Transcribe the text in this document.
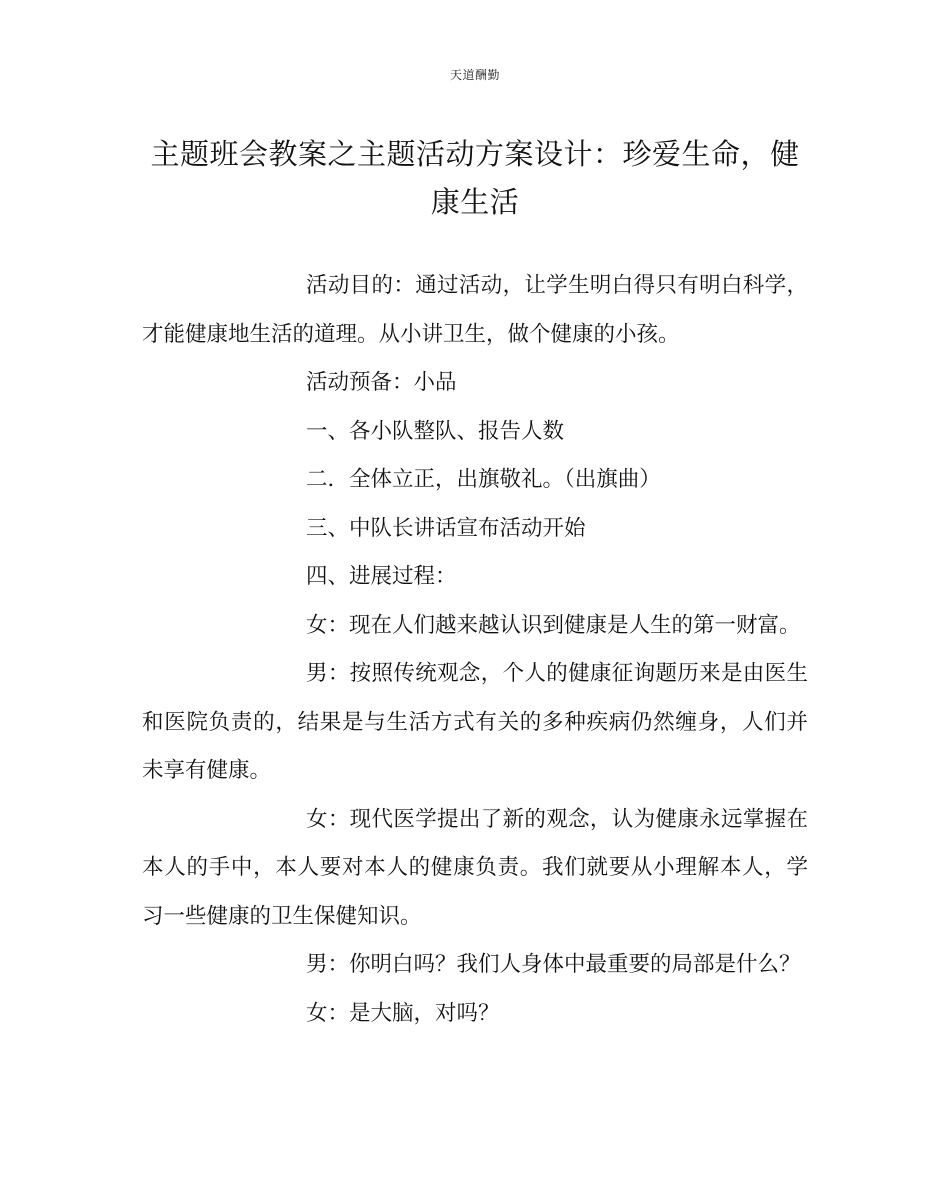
天道酬勤
主题班会教案之主题活动方案设计：珍爱生命，健康生活

活动目的：通过活动，让学生明白得只有明白科学，才能健康地生活的道理。从小讲卫生，做个健康的小孩。

活动预备：小品

一、各小队整队、报告人数

二．全体立正，出旗敬礼。（出旗曲）

三、中队长讲话宣布活动开始

四、进展过程：

女：现在人们越来越认识到健康是人生的第一财富。

男：按照传统观念，个人的健康征询题历来是由医生和医院负责的，结果是与生活方式有关的多种疾病仍然缠身，人们并未享有健康。

女：现代医学提出了新的观念，认为健康永远掌握在本人的手中，本人要对本人的健康负责。我们就要从小理解本人，学习一些健康的卫生保健知识。

男：你明白吗？我们人身体中最重要的局部是什么？

女：是大脑，对吗？
